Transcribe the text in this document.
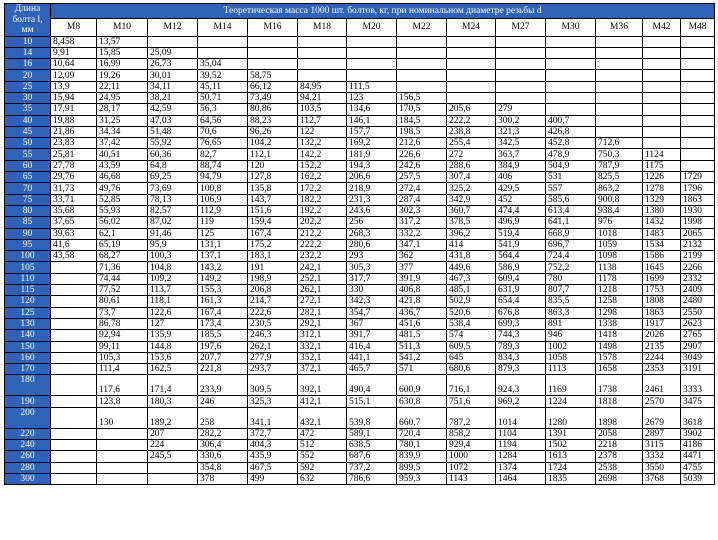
Длина
болта l,
мм	Теоретическая масса 1000 шт. болтов, кг, при номинальном диаметре резьбы d													
	М8	М10	М12	М14	М16	М18	М20	М22	М24	М27	М30	М36	М42	М48
10	8,458	13,57												
14	9,91	15,85	25,09											
16	10,64	16,99	26,73	35,04										
20	12,09	19,26	30,01	39,52	58,75									
25	13,9	22,11	34,11	45,11	66,12	84,95	111,5							
30	15,94	24,95	38,21	50,71	73,49	94,21	123	156,5						
35	17,91	28,17	42,59	56,3	80,86	103,5	134,6	170,5	205,6	279				
40	19,88	31,25	47,03	64,56	88,23	112,7	146,1	184,5	222,2	300,2	400,7			
45	21,86	34,34	51,48	70,6	96,26	122	157,7	198,5	238,8	321,3	426,8			
50	23,83	37,42	55,92	76,65	104,2	132,2	169,2	212,6	255,4	342,5	452,8	712,6		
55	25,81	40,51	60,36	82,7	112,1	142,2	181,9	226,6	272	363,7	478,9	750,3	1124	
60	27,78	43,59	64,8	88,74	120	152,2	194,3	242,6	288,6	384,9	504,9	787,9	1175	
65	29,76	46,68	69,25	94,79	127,8	162,2	206,6	257,5	307,4	406	531	825,5	1226	1729
70	31,73	49,76	73,69	100,8	135,8	172,2	218,9	272,4	325,2	429,5	557	863,2	1278	1796
75	33,71	52,85	78,13	106,9	143,7	182,2	231,3	287,4	342,9	452	585,6	900,8	1329	1863
80	35,68	55,93	82,57	112,9	151,6	192,2	243,6	302,3	360,7	474,4	613,4	938,4	1380	1930
85	37,65	56,02	87,02	119	159,4	202,2	256	317,2	378,5	496,9	641,1	976	1432	1998
90	39,63	62,1	91,46	125	167,4	212,2	268,3	332,2	396,2	519,4	668,9	1018	1483	2065
95	41,6	65,19	95,9	131,1	175,2	222,2	280,6	347,1	414	541,9	696,7	1059	1534	2132
100	43,58	68,27	100,3	137,1	183,1	232,2	293	362	431,8	564,4	724,4	1098	1586	2199
105		71,36	104,8	143,2	191	242,1	305,3	377	449,6	586,9	752,2	1138	1645	2266
110		74,44	109,2	149,2	198,9	252,1	317,7	391,9	467,3	609,4	780	1178	1699	2332
115		77,52	113,7	155,3	206,8	262,1	330	406,8	485,1	631,9	807,7	1218	1753	2409
120		80,61	118,1	161,3	214,7	272,1	342,3	421,8	502,9	654,4	835,5	1258	1808	2480
125		73,7	122,6	167,4	222,6	282,1	354,7	436,7	520,6	676,8	863,3	1298	1863	2550
130		86,78	127	173,4	230,5	292,1	367	451,6	538,4	699,3	891	1338	1917	2623
140		92,94	135,9	185,5	246,3	312,1	391,7	481,5	574	744,3	946	1418	2026	2765
150		99,11	144,8	197,6	262,1	332,1	416,4	511,3	609,5	789,3	1002	1498	2135	2907
160		105,3	153,6	207,7	277,9	352,1	441,1	541,2	645	834,3	1058	1578	2244	3049
170		111,4	162,5	221,8	293,7	372,1	465,7	571	680,6	879,3	1113	1658	2353	3191
180		117,6	171,4	233,9	309,5	392,1	490,4	600,9	716,1	924,3	1169	1738	2461	3333
190		123,8	180,3	246	325,3	412,1	515,1	630,8	751,6	969,2	1224	1818	2570	3475
200		130	189,2	258	341,1	432,1	539,8	660,7	787,2	1014	1280	1898	2679	3618
220			207	282,2	372,7	472	589,1	720,4	858,2	1104	1391	2058	2897	3902
240			224	306,4	404,3	512	638,5	780,1	929,4	1194	1502	2218	3115	4186
260			245,5	330,6	435,9	552	687,6	839,9	1000	1284	1613	2378	3332	4471
280				354,8	467,5	592	737,2	899,5	1072	1374	1724	2538	3550	4755
300				378	499	632	786,6	959,3	1143	1464	1835	2698	3768	5039
